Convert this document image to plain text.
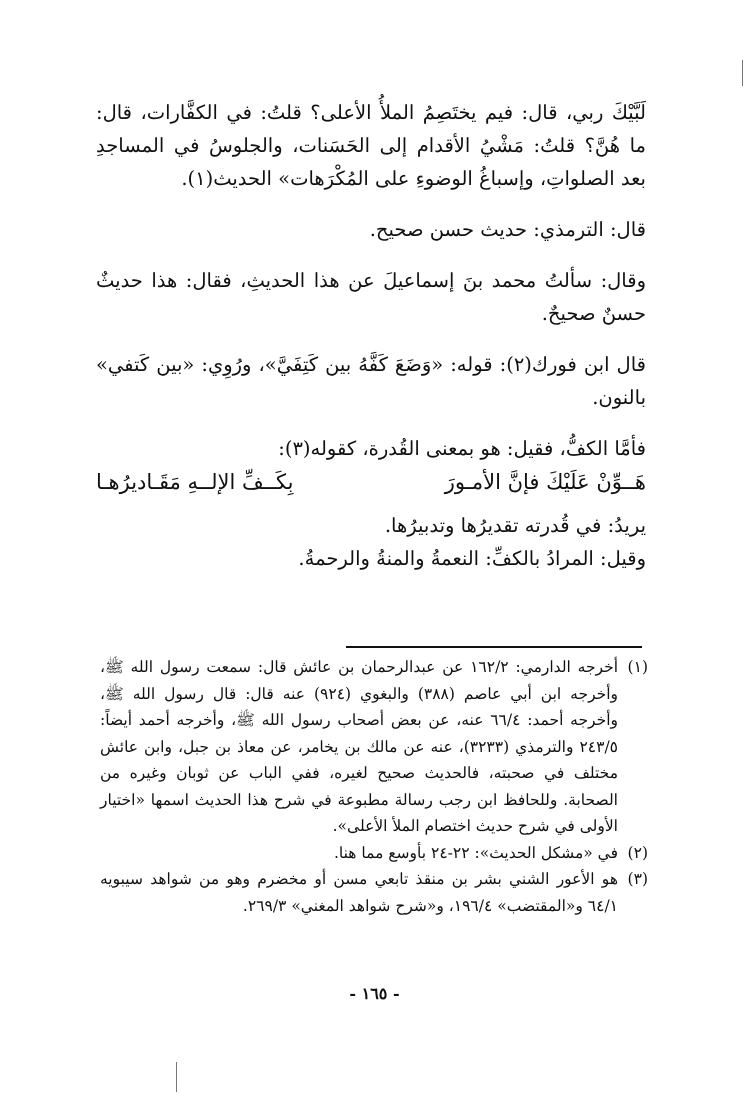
لَبَّيْكَ ربي، قال: فيم يختَصِمُ الملأُ الأعلى؟ قلتُ: في الكفَّارات، قال: ما هُنَّ؟ قلتُ: مَشْيُ الأقدام إلى الحَسَنات، والجلوسُ في المساجدِ بعد الصلواتِ، وإسباغُ الوضوءِ على المُكْرَهات» الحديث(١).

قال: الترمذي: حديث حسن صحيح.

وقال: سألتُ محمد بنَ إسماعيلَ عن هذا الحديثِ، فقال: هذا حديثٌ حسنٌ صحيحٌ.

قال ابن فورك(٢): قوله: «وَضَعَ كَفَّهُ بين كَتِفَيَّ»، ورُوِي: «بين كَتفي» بالنون.

فأمَّا الكفُّ، فقيل: هو بمعنى القُدرة، كقوله(٣):

هَــوِّنْ عَلَيْكَ فإنَّ الأمـورَ
بِكَــفِّ الإلــهِ مَقَـاديرُهـا

يريدُ: في قُدرته تقديرُها وتدبيرُها.

وقيل: المرادُ بالكفِّ: النعمةُ والمنةُ والرحمةُ.

(١)
أخرجه الدارمي: ١٦٢/٢ عن عبدالرحمان بن عائش قال: سمعت رسول الله ﷺ، وأخرجه ابن أبي عاصم (٣٨٨) والبغوي (٩٢٤) عنه قال: قال رسول الله ﷺ، وأخرجه أحمد: ٦٦/٤ عنه، عن بعض أصحاب رسول الله ﷺ، وأخرجه أحمد أيضاً: ٢٤٣/٥ والترمذي (٣٢٣٣)، عنه عن مالك بن يخامر، عن معاذ بن جبل، وابن عائش مختلف في صحبته، فالحديث صحيح لغيره، ففي الباب عن ثوبان وغيره من الصحابة. وللحافظ ابن رجب رسالة مطبوعة في شرح هذا الحديث اسمها «اختيار الأولى في شرح حديث اختصام الملأ الأعلى».
(٢)
في «مشكل الحديث»: ٢٢-٢٤ بأوسع مما هنا.
(٣)
هو الأعور الشني بشر بن منقذ تابعي مسن أو مخضرم وهو من شواهد سيبويه ٦٤/١ و«المقتضب» ١٩٦/٤، و«شرح شواهد المغني» ٢٦٩/٣.
- ١٦٥ -
